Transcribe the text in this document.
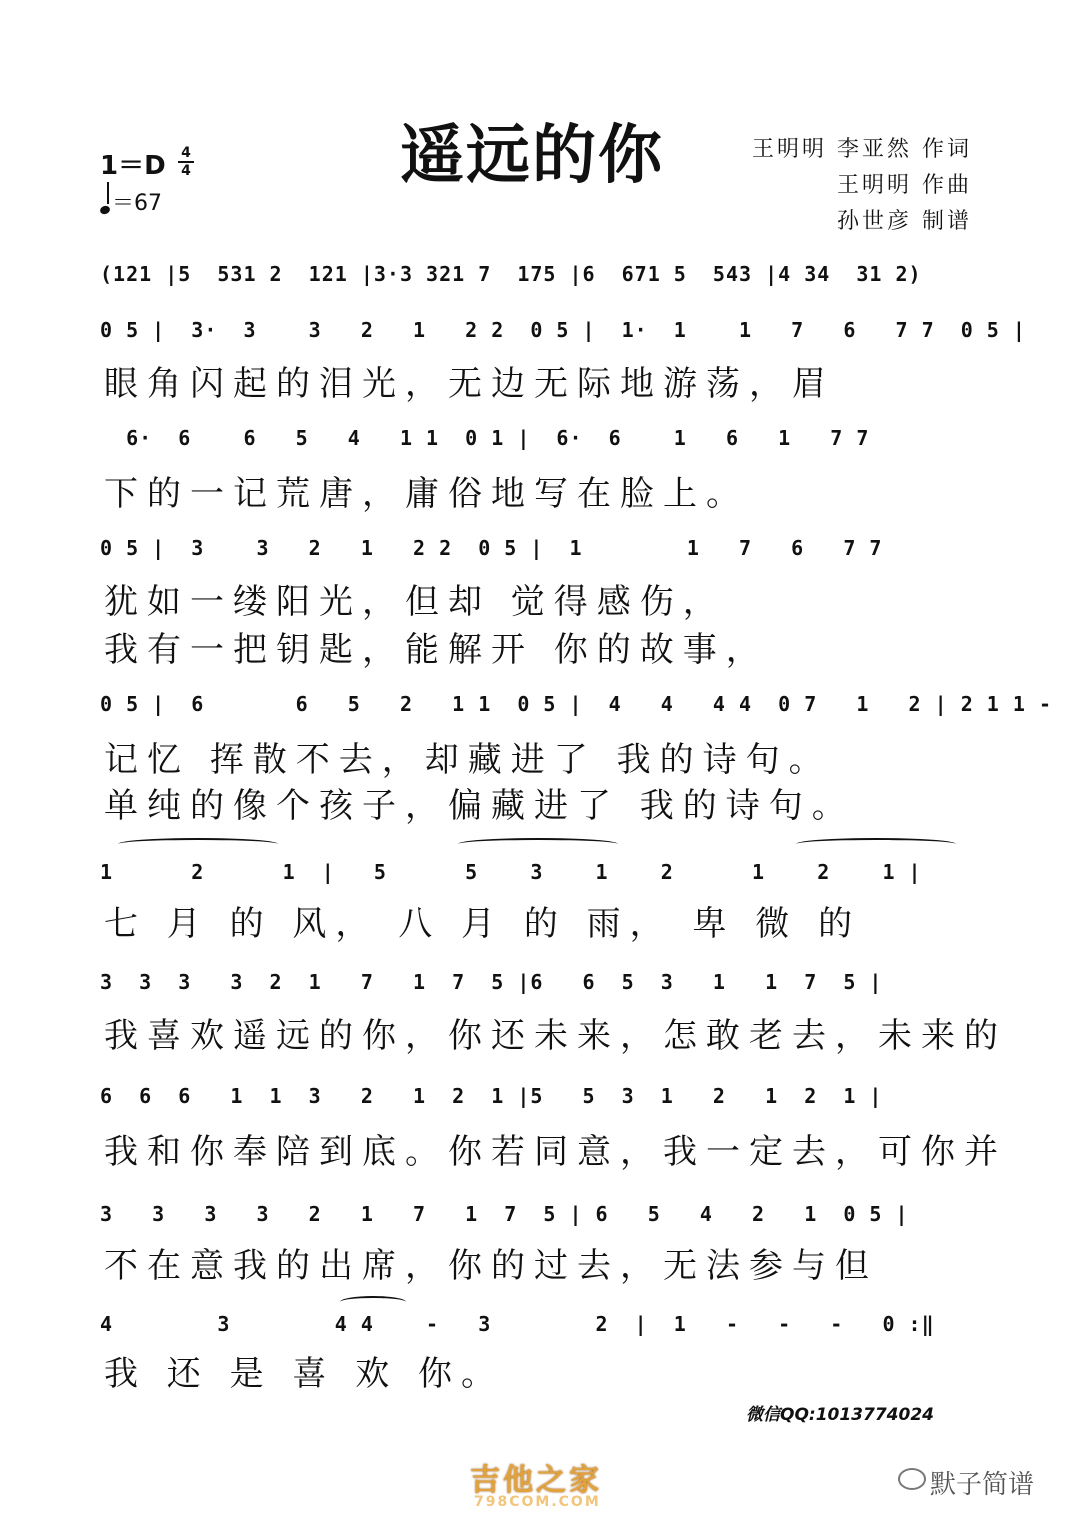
遥远的你
1＝D	4
4
＝67
王明明 李亚然 作词
王明明 作曲
孙世彦 制谱
(121 |5  531 2  121 |3·3 321 7  175 |6  671 5  543 |4 34  31 2)
0 5 |  3·  3    3   2   1   2 2  0 5 |  1·  1    1   7   6   7 7  0 5 |
眼角闪起的泪光，无边无际地游荡，眉
6·  6    6   5   4   1 1  0 1 |  6·  6    1   6   1   7 7
下的一记荒唐，庸俗地写在脸上。
0 5 |  3    3   2   1   2 2  0 5 |  1        1   7   6   7 7
犹如一缕阳光，但却 觉得感伤，
我有一把钥匙，能解开 你的故事，
0 5 |  6       6   5   2   1 1  0 5 |  4   4   4 4  0 7   1   2 | 2 1 1 -
记忆 挥散不去，却藏进了 我的诗句。
单纯的像个孩子，偏藏进了 我的诗句。
1      2      1  |   5      5    3    1    2      1    2    1 |
七 月 的 风， 八 月 的 雨， 卑 微 的
3  3  3   3  2  1   7   1  7  5 |6   6  5  3   1   1  7  5 |
我喜欢遥远的你，你还未来，怎敢老去，未来的
6  6  6   1  1  3   2   1  2  1 |5   5  3  1   2   1  2  1 |
我和你奉陪到底。你若同意，我一定去，可你并
3   3   3   3   2   1   7   1  7  5 | 6   5   4   2   1  0 5 |
不在意我的出席，你的过去，无法参与但
4        3        4 4    -   3        2  |  1   -   -   -   0 :‖
我 还 是 喜 欢 你。
微信QQ:1013774024
吉他之家
798COM.COM
默子简谱
